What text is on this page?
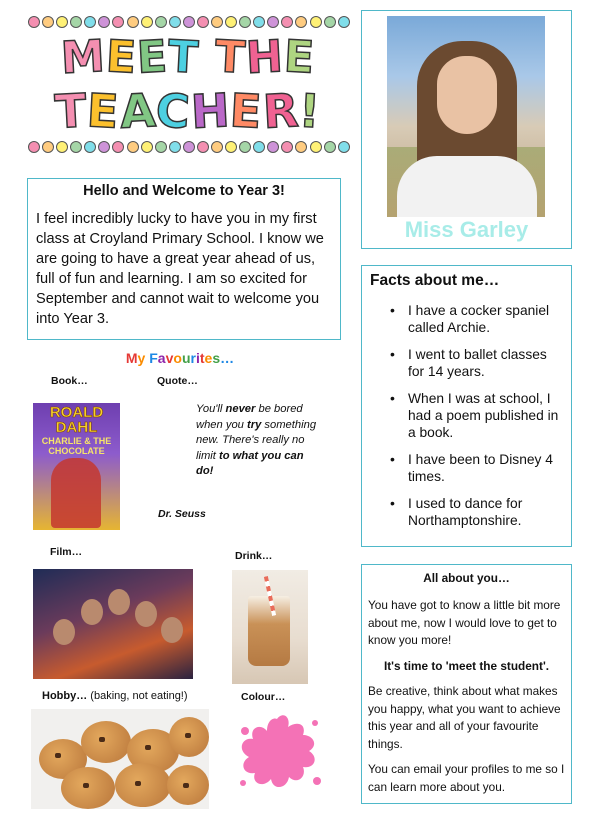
MEET THE
TEACHER!
Hello and Welcome to Year 3!

I feel incredibly lucky to have you in my first class at Croyland Primary School. I know we are going to have a great year ahead of us, full of fun and learning. I am so excited for September and cannot wait to welcome you into Year 3.

Miss Garley
Facts about me…
• I have a cocker spaniel called Archie.
• I went to ballet classes for 14 years.
• When I was at school, I had a poem published in a book.
• I have been to Disney 4 times.
• I used to dance for Northamptonshire.
My Favourites…
Book…	Quote…
ROALD DAHL
CHARLIE & THE CHOCOLATE
You'll never be bored when you try something new. There's really no limit to what you can do!
Dr. Seuss
Film…	Drink…
Hobby… (baking, not eating!)	Colour…
All about you…

You have got to know a little bit more about me, now I would love to get to know you more!

It's time to 'meet the student'.

Be creative, think about what makes you happy, what you want to achieve this year and all of your favourite things.

You can email your profiles to me so I can learn more about you.
